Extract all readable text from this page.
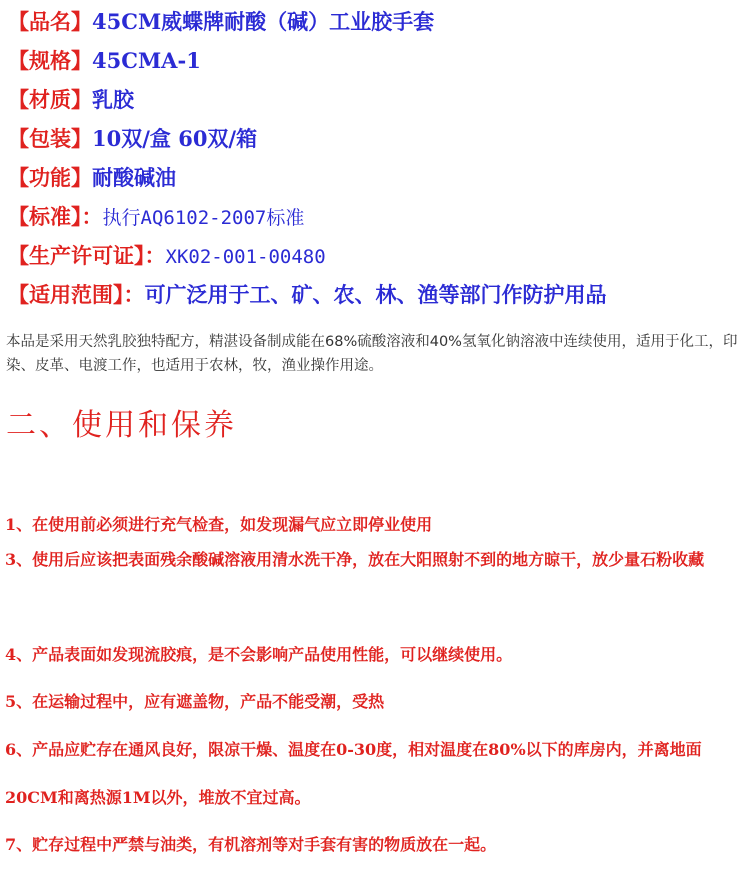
【品名】45CM威蝶牌耐酸（碱）工业胶手套
【规格】45CMA-1
【材质】乳胶
【包装】10双/盒 60双/箱
【功能】耐酸碱油
【标准】：执行AQ6102-2007标准
【生产许可证】：XK02-001-00480
【适用范围】：可广泛用于工、矿、农、林、渔等部门作防护用品
本品是采用天然乳胶独特配方，精湛设备制成能在68%硫酸溶液和40%氢氧化钠溶液中连续使用，适用于化工，印染、皮革、电渡工作，也适用于农林，牧，渔业操作用途。
二、使用和保养
1、在使用前必须进行充气检查，如发现漏气应立即停业使用
3、使用后应该把表面残余酸碱溶液用清水洗干净，放在大阳照射不到的地方晾干，放少量石粉收藏
4、产品表面如发现流胶痕，是不会影响产品使用性能，可以继续使用。
5、在运输过程中，应有遮盖物，产品不能受潮，受热
6、产品应贮存在通风良好，限凉干燥、温度在0-30度，相对温度在80%以下的库房内，并离地面20CM和离热源1M以外，堆放不宜过高。
7、贮存过程中严禁与油类，有机溶剂等对手套有害的物质放在一起。
